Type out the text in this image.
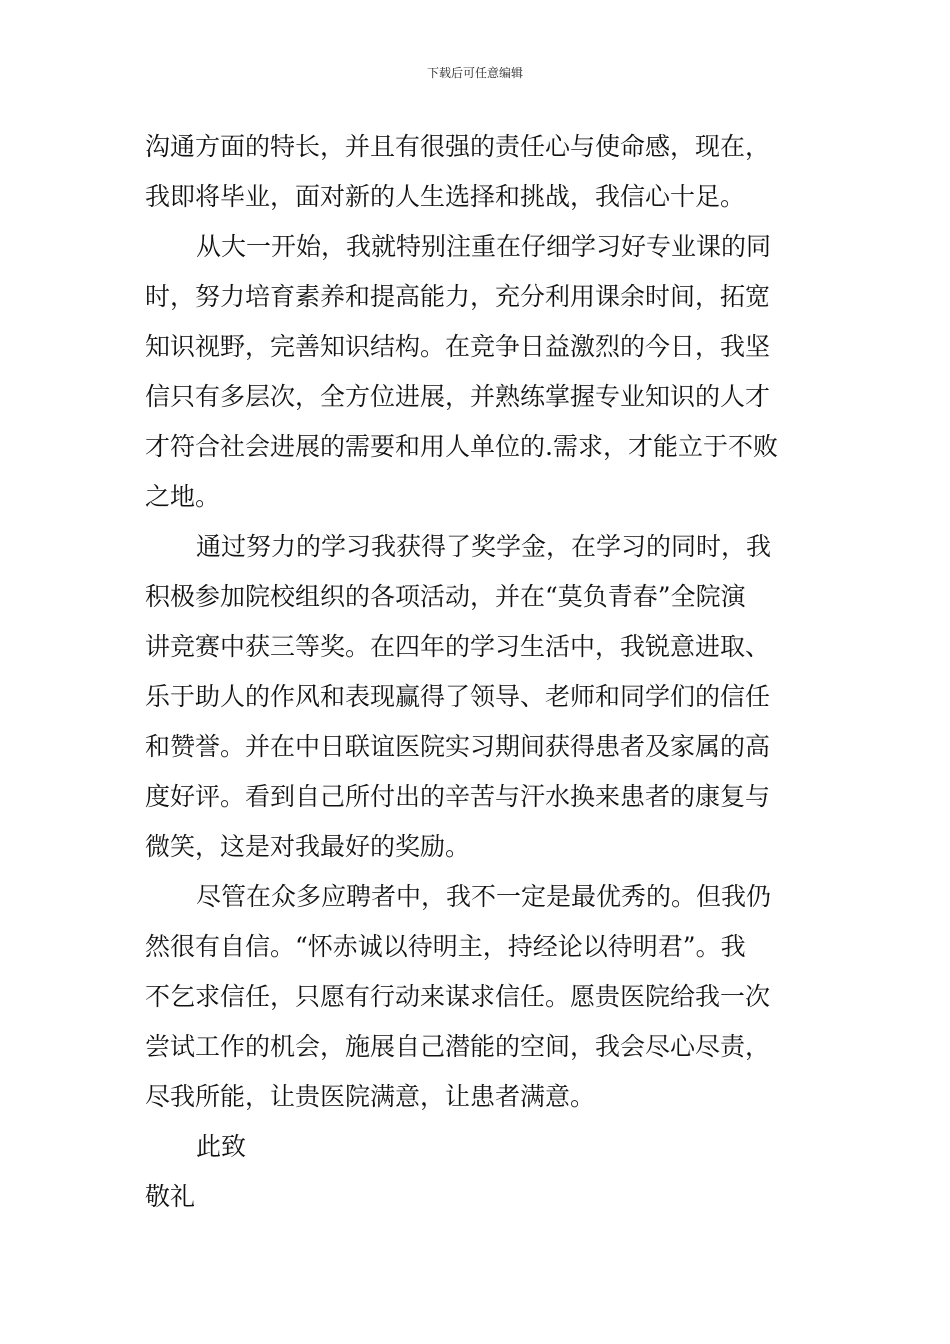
下载后可任意编辑
沟通方面的特长，并且有很强的责任心与使命感，现在，
我即将毕业，面对新的人生选择和挑战，我信心十足。
从大一开始，我就特别注重在仔细学习好专业课的同
时，努力培育素养和提高能力，充分利用课余时间，拓宽
知识视野，完善知识结构。在竞争日益激烈的今日，我坚
信只有多层次，全方位进展，并熟练掌握专业知识的人才
才符合社会进展的需要和用人单位的.需求，才能立于不败
之地。
通过努力的学习我获得了奖学金，在学习的同时，我
积极参加院校组织的各项活动，并在“莫负青春”全院演
讲竞赛中获三等奖。在四年的学习生活中，我锐意进取、
乐于助人的作风和表现赢得了领导、老师和同学们的信任
和赞誉。并在中日联谊医院实习期间获得患者及家属的高
度好评。看到自己所付出的辛苦与汗水换来患者的康复与
微笑，这是对我最好的奖励。
尽管在众多应聘者中，我不一定是最优秀的。但我仍
然很有自信。“怀赤诚以待明主，持经论以待明君”。我
不乞求信任，只愿有行动来谋求信任。愿贵医院给我一次
尝试工作的机会，施展自己潜能的空间，我会尽心尽责，
尽我所能，让贵医院满意，让患者满意。
此致
敬礼
